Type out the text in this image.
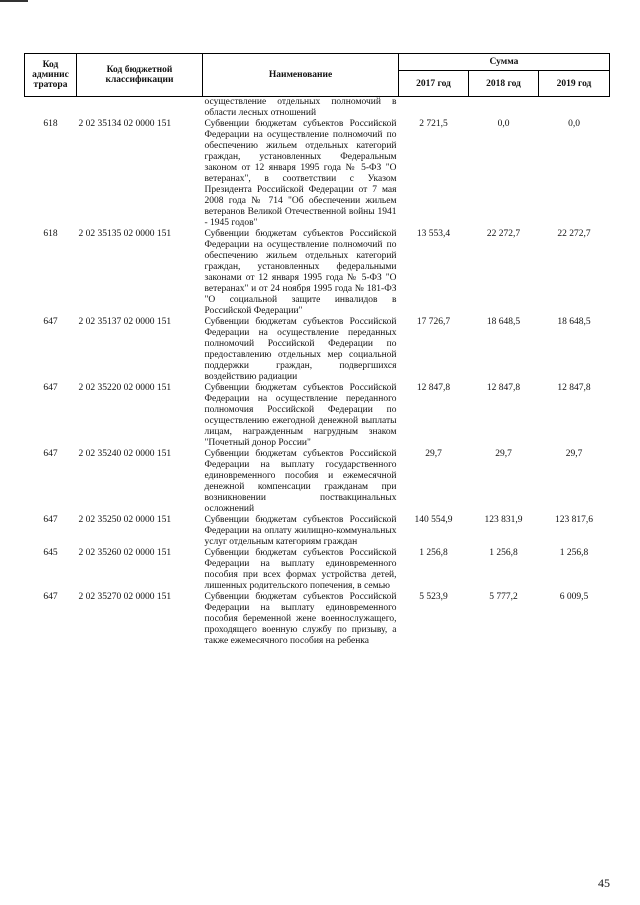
Код админис тратора	Код бюджетной классификации	Наименование	Сумма		
			2017 год	2018 год	2019 год
		осуществление отдельных полномочий в области лесных отношений			
618	2 02 35134 02 0000 151	Субвенции бюджетам субъектов Российской Федерации на осуществление полномочий по обеспечению жильем отдельных категорий граждан, установленных Федеральным законом от 12 января 1995 года № 5-ФЗ "О ветеранах", в соответствии с Указом Президента Российской Федерации от 7 мая 2008 года № 714 "Об обеспечении жильем ветеранов Великой Отечественной войны 1941 - 1945 годов"	2 721,5	0,0	0,0
618	2 02 35135 02 0000 151	Субвенции бюджетам субъектов Российской Федерации на осуществление полномочий по обеспечению жильем отдельных категорий граждан, установленных федеральными законами от 12 января 1995 года № 5-ФЗ "О ветеранах" и от 24 ноября 1995 года № 181-ФЗ "О социальной защите инвалидов в Российской Федерации"	13 553,4	22 272,7	22 272,7
647	2 02 35137 02 0000 151	Субвенции бюджетам субъектов Российской Федерации на осуществление переданных полномочий Российской Федерации по предоставлению отдельных мер социальной поддержки граждан, подвергшихся воздействию радиации	17 726,7	18 648,5	18 648,5
647	2 02 35220 02 0000 151	Субвенции бюджетам субъектов Российской Федерации на осуществление переданного полномочия Российской Федерации по осуществлению ежегодной денежной выплаты лицам, награжденным нагрудным знаком "Почетный донор России"	12 847,8	12 847,8	12 847,8
647	2 02 35240 02 0000 151	Субвенции бюджетам субъектов Российской Федерации на выплату государственного единовременного пособия и ежемесячной денежной компенсации гражданам при возникновении поствакцинальных осложнений	29,7	29,7	29,7
647	2 02 35250 02 0000 151	Субвенции бюджетам субъектов Российской Федерации на оплату жилищно-коммунальных услуг отдельным категориям граждан	140 554,9	123 831,9	123 817,6
645	2 02 35260 02 0000 151	Субвенции бюджетам субъектов Российской Федерации на выплату единовременного пособия при всех формах устройства детей, лишенных родительского попечения, в семью	1 256,8	1 256,8	1 256,8
647	2 02 35270 02 0000 151	Субвенции бюджетам субъектов Российской Федерации на выплату единовременного пособия беременной жене военнослужащего, проходящего военную службу по призыву, а также ежемесячного пособия на ребенка	5 523,9	5 777,2	6 009,5
45
